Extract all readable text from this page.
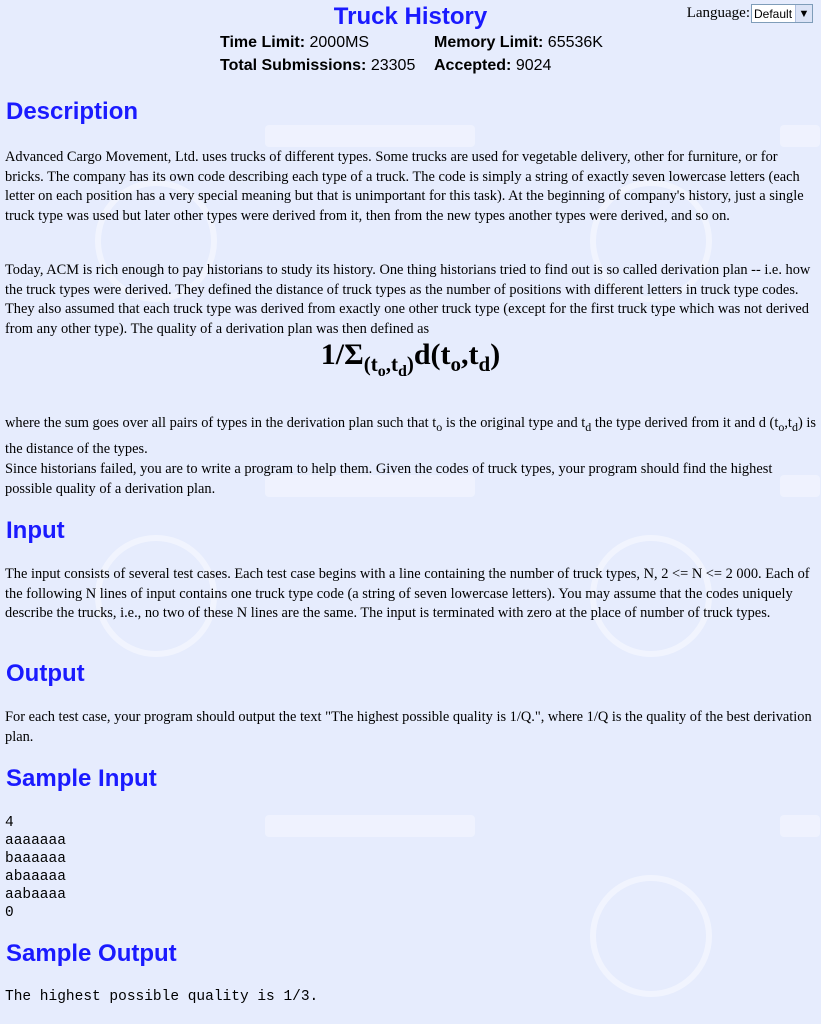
Truck History	Language: Default ▼
Time Limit: 2000MS	Memory Limit: 65536K
Total Submissions: 23305 Accepted: 9024
Description

Advanced Cargo Movement, Ltd. uses trucks of different types. Some trucks are used for vegetable delivery, other for furniture, or for bricks. The company has its own code describing each type of a truck. The code is simply a string of exactly seven lowercase letters (each letter on each position has a very special meaning but that is unimportant for this task). At the beginning of company's history, just a single truck type was used but later other types were derived from it, then from the new types another types were derived, and so on.

Today, ACM is rich enough to pay historians to study its history. One thing historians tried to find out is so called derivation plan -- i.e. how the truck types were derived. They defined the distance of truck types as the number of positions with different letters in truck type codes. They also assumed that each truck type was derived from exactly one other truck type (except for the first truck type which was not derived from any other type). The quality of a derivation plan was then defined as

$1/\Sigma_{(t_o,t_d)}d(t_o,t_d)$

where the sum goes over all pairs of types in the derivation plan such that $t_o$ is the original type and $t_d$ the type derived from it and d $(t_o,t_d)$ is the distance of the types.

Since historians failed, you are to write a program to help them. Given the codes of truck types, your program should find the highest possible quality of a derivation plan.

Input

The input consists of several test cases. Each test case begins with a line containing the number of truck types, N, 2 <= N <= 2 000. Each of the following N lines of input contains one truck type code (a string of seven lowercase letters). You may assume that the codes uniquely describe the trucks, i.e., no two of these N lines are the same. The input is terminated with zero at the place of number of truck types.

Output

For each test case, your program should output the text "The highest possible quality is 1/Q.", where 1/Q is the quality of the best derivation plan.

Sample Input
4
aaaaaaa
baaaaaa
abaaaaa
aabaaaa
0
Sample Output
The highest possible quality is 1/3.
